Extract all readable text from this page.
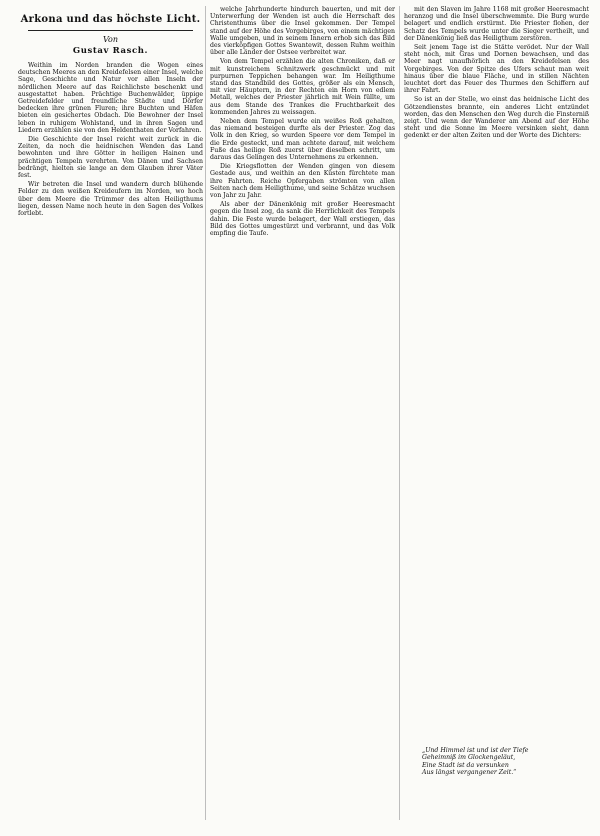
Arkona und das höchste Licht.
Von
Gustav Rasch.

Weithin im Norden branden die Wogen eines deutschen Meeres an den Kreidefelsen einer Insel, welche Sage, Geschichte und Natur vor allen Inseln der nördlichen Meere auf das Reichlichste beschenkt und ausgestattet haben. Prächtige Buchenwälder, üppige Getreidefelder und freundliche Städte und Dörfer bedecken ihre grünen Fluren; ihre Buchten und Häfen bieten ein gesichertes Obdach. Die Bewohner der Insel leben in ruhigem Wohlstand, und in ihren Sagen und Liedern erzählen sie von den Heldenthaten der Vorfahren.

Die Geschichte der Insel reicht weit zurück in die Zeiten, da noch die heidnischen Wenden das Land bewohnten und ihre Götter in heiligen Hainen und prächtigen Tempeln verehrten. Von Dänen und Sachsen bedrängt, hielten sie lange an dem Glauben ihrer Väter fest.

Wir betreten die Insel und wandern durch blühende Felder zu den weißen Kreideufern im Norden, wo hoch über dem Meere die Trümmer des alten Heiligthums liegen, dessen Name noch heute in den Sagen des Volkes fortlebt.

welche Jahrhunderte hindurch bauerten, und mit der Unterwerfung der Wenden ist auch die Herrschaft des Christenthums über die Insel gekommen. Der Tempel stand auf der Höhe des Vorgebirges, von einem mächtigen Walle umgeben, und in seinem Innern erhob sich das Bild des vierköpfigen Gottes Swantewit, dessen Ruhm weithin über alle Länder der Ostsee verbreitet war.

Von dem Tempel erzählen die alten Chroniken, daß er mit kunstreichem Schnitzwerk geschmückt und mit purpurnen Teppichen behangen war. Im Heiligthume stand das Standbild des Gottes, größer als ein Mensch, mit vier Häuptern, in der Rechten ein Horn von edlem Metall, welches der Priester jährlich mit Wein füllte, um aus dem Stande des Trankes die Fruchtbarkeit des kommenden Jahres zu weissagen.

Neben dem Tempel wurde ein weißes Roß gehalten, das niemand besteigen durfte als der Priester. Zog das Volk in den Krieg, so wurden Speere vor dem Tempel in die Erde gesteckt, und man achtete darauf, mit welchem Fuße das heilige Roß zuerst über dieselben schritt, um daraus das Gelingen des Unternehmens zu erkennen.

Die Kriegsflotten der Wenden gingen von diesem Gestade aus, und weithin an den Küsten fürchtete man ihre Fahrten. Reiche Opfergaben strömten von allen Seiten nach dem Heiligthume, und seine Schätze wuchsen von Jahr zu Jahr.

Als aber der Dänenkönig mit großer Heeresmacht gegen die Insel zog, da sank die Herrlichkeit des Tempels dahin. Die Feste wurde belagert, der Wall erstiegen, das Bild des Gottes umgestürzt und verbrannt, und das Volk empfing die Taufe.

mit den Slaven im Jahre 1168 mit großer Heeresmacht heranzog und die Insel überschwemmte. Die Burg wurde belagert und endlich erstürmt. Die Priester flohen, der Schatz des Tempels wurde unter die Sieger vertheilt, und der Dänenkönig ließ das Heiligthum zerstören.

Seit jenem Tage ist die Stätte verödet. Nur der Wall steht noch, mit Gras und Dornen bewachsen, und das Meer nagt unaufhörlich an den Kreidefelsen des Vorgebirges. Von der Spitze des Ufers schaut man weit hinaus über die blaue Fläche, und in stillen Nächten leuchtet dort das Feuer des Thurmes den Schiffern auf ihrer Fahrt.

So ist an der Stelle, wo einst das heidnische Licht des Götzendienstes brannte, ein anderes Licht entzündet worden, das den Menschen den Weg durch die Finsterniß zeigt. Und wenn der Wanderer am Abend auf der Höhe steht und die Sonne im Meere versinken sieht, dann gedenkt er der alten Zeiten und der Worte des Dichters:

„Und Himmel ist und ist der Tiefe
Geheimniß im Glockengeläut,
Eine Stadt ist da versunken
Aus längst vergangener Zeit.“
